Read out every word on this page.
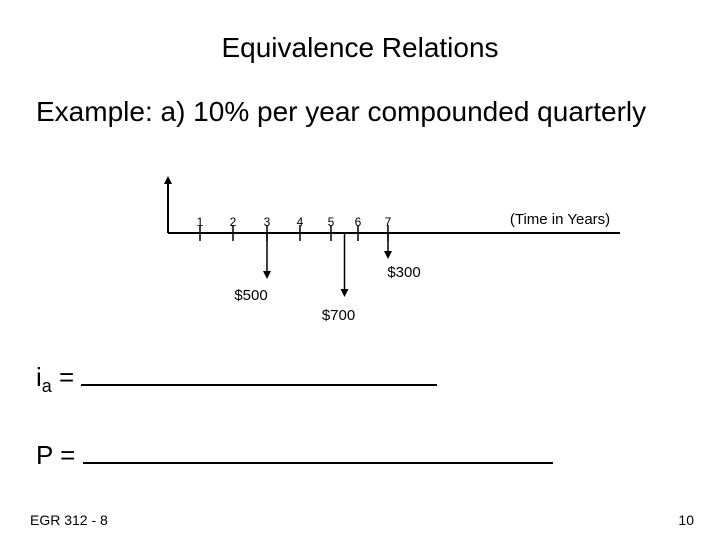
Equivalence Relations
Example: a) 10% per year compounded quarterly
1 2 3 4 5 6 7
$500
$700
$300
(Time in Years)
$i_a$ =
P =
EGR 312 - 8	10
